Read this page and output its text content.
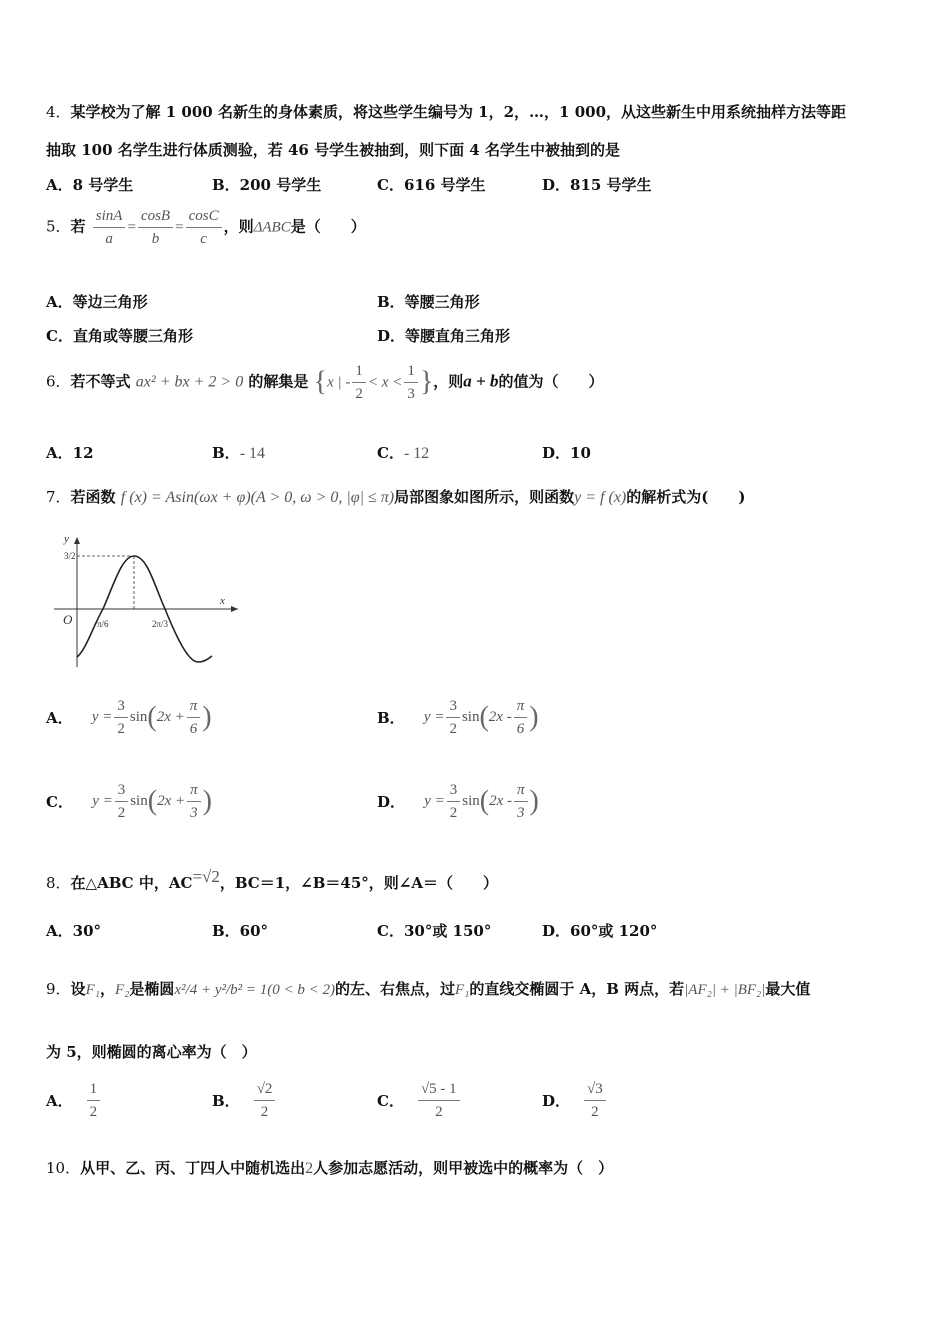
4．某学校为了解 1 000 名新生的身体素质，将这些学生编号为 1，2，…，1 000，从这些新生中用系统抽样方法等距
抽取 100 名学生进行体质测验，若 46 号学生被抽到，则下面 4 名学生中被抽到的是
A．8 号学生	B．200 号学生	C．616 号学生	D．815 号学生
5．若 $\frac{\sin A}{a} = \frac{\cos B}{b} = \frac{\cos C}{c}$ ，则ΔABC是（　　）
A．等边三角形	B．等腰三角形
C．直角或等腰三角形	D．等腰直角三角形
6．若不等式 ax² + bx + 2 > 0 的解集是 {x | - $\frac{1}{2} < x < \frac{1}{3}$ }，则a + b的值为（　　）
A．12	B．- 14	C．- 12	D．10
7．若函数 f (x) = Asin(ωx + φ)(A > 0, ω > 0, |φ| ≤ π)局部图象如图所示，则函数y = f (x)的解析式为(　　)
y
x
O
3/2
π/6	2π/3
A． $y = \frac{3}{2} \sin(2x + \frac{\pi}{6}$ )	B． $y = \frac{3}{2} \sin(2x - \frac{\pi}{6}$ )
C． $y = \frac{3}{2} \sin(2x + \frac{\pi}{3}$ )	D． $y = \frac{3}{2} \sin(2x - \frac{\pi}{3}$ )
8．在△ABC 中，AC=√2，BC＝1，∠B＝45°，则∠A＝（　　）
A．30°	B．60°	C．30°或 150°	D．60°或 120°
9．设F₁，F₂是椭圆x²/4 + y²/b² = 1(0 < b < 2)的左、右焦点，过F₁的直线交椭圆于 A，B 两点，若|AF₂| + |BF₂|最大值
为 5，则椭圆的离心率为（　）
A． $\frac{1}{2}$	B． $\frac{√2}{2}$	C． $\frac{√5 - 1}{2}$	D． $\frac{√3}{2}$
10．从甲、乙、丙、丁四人中随机选出2人参加志愿活动，则甲被选中的概率为（　）
